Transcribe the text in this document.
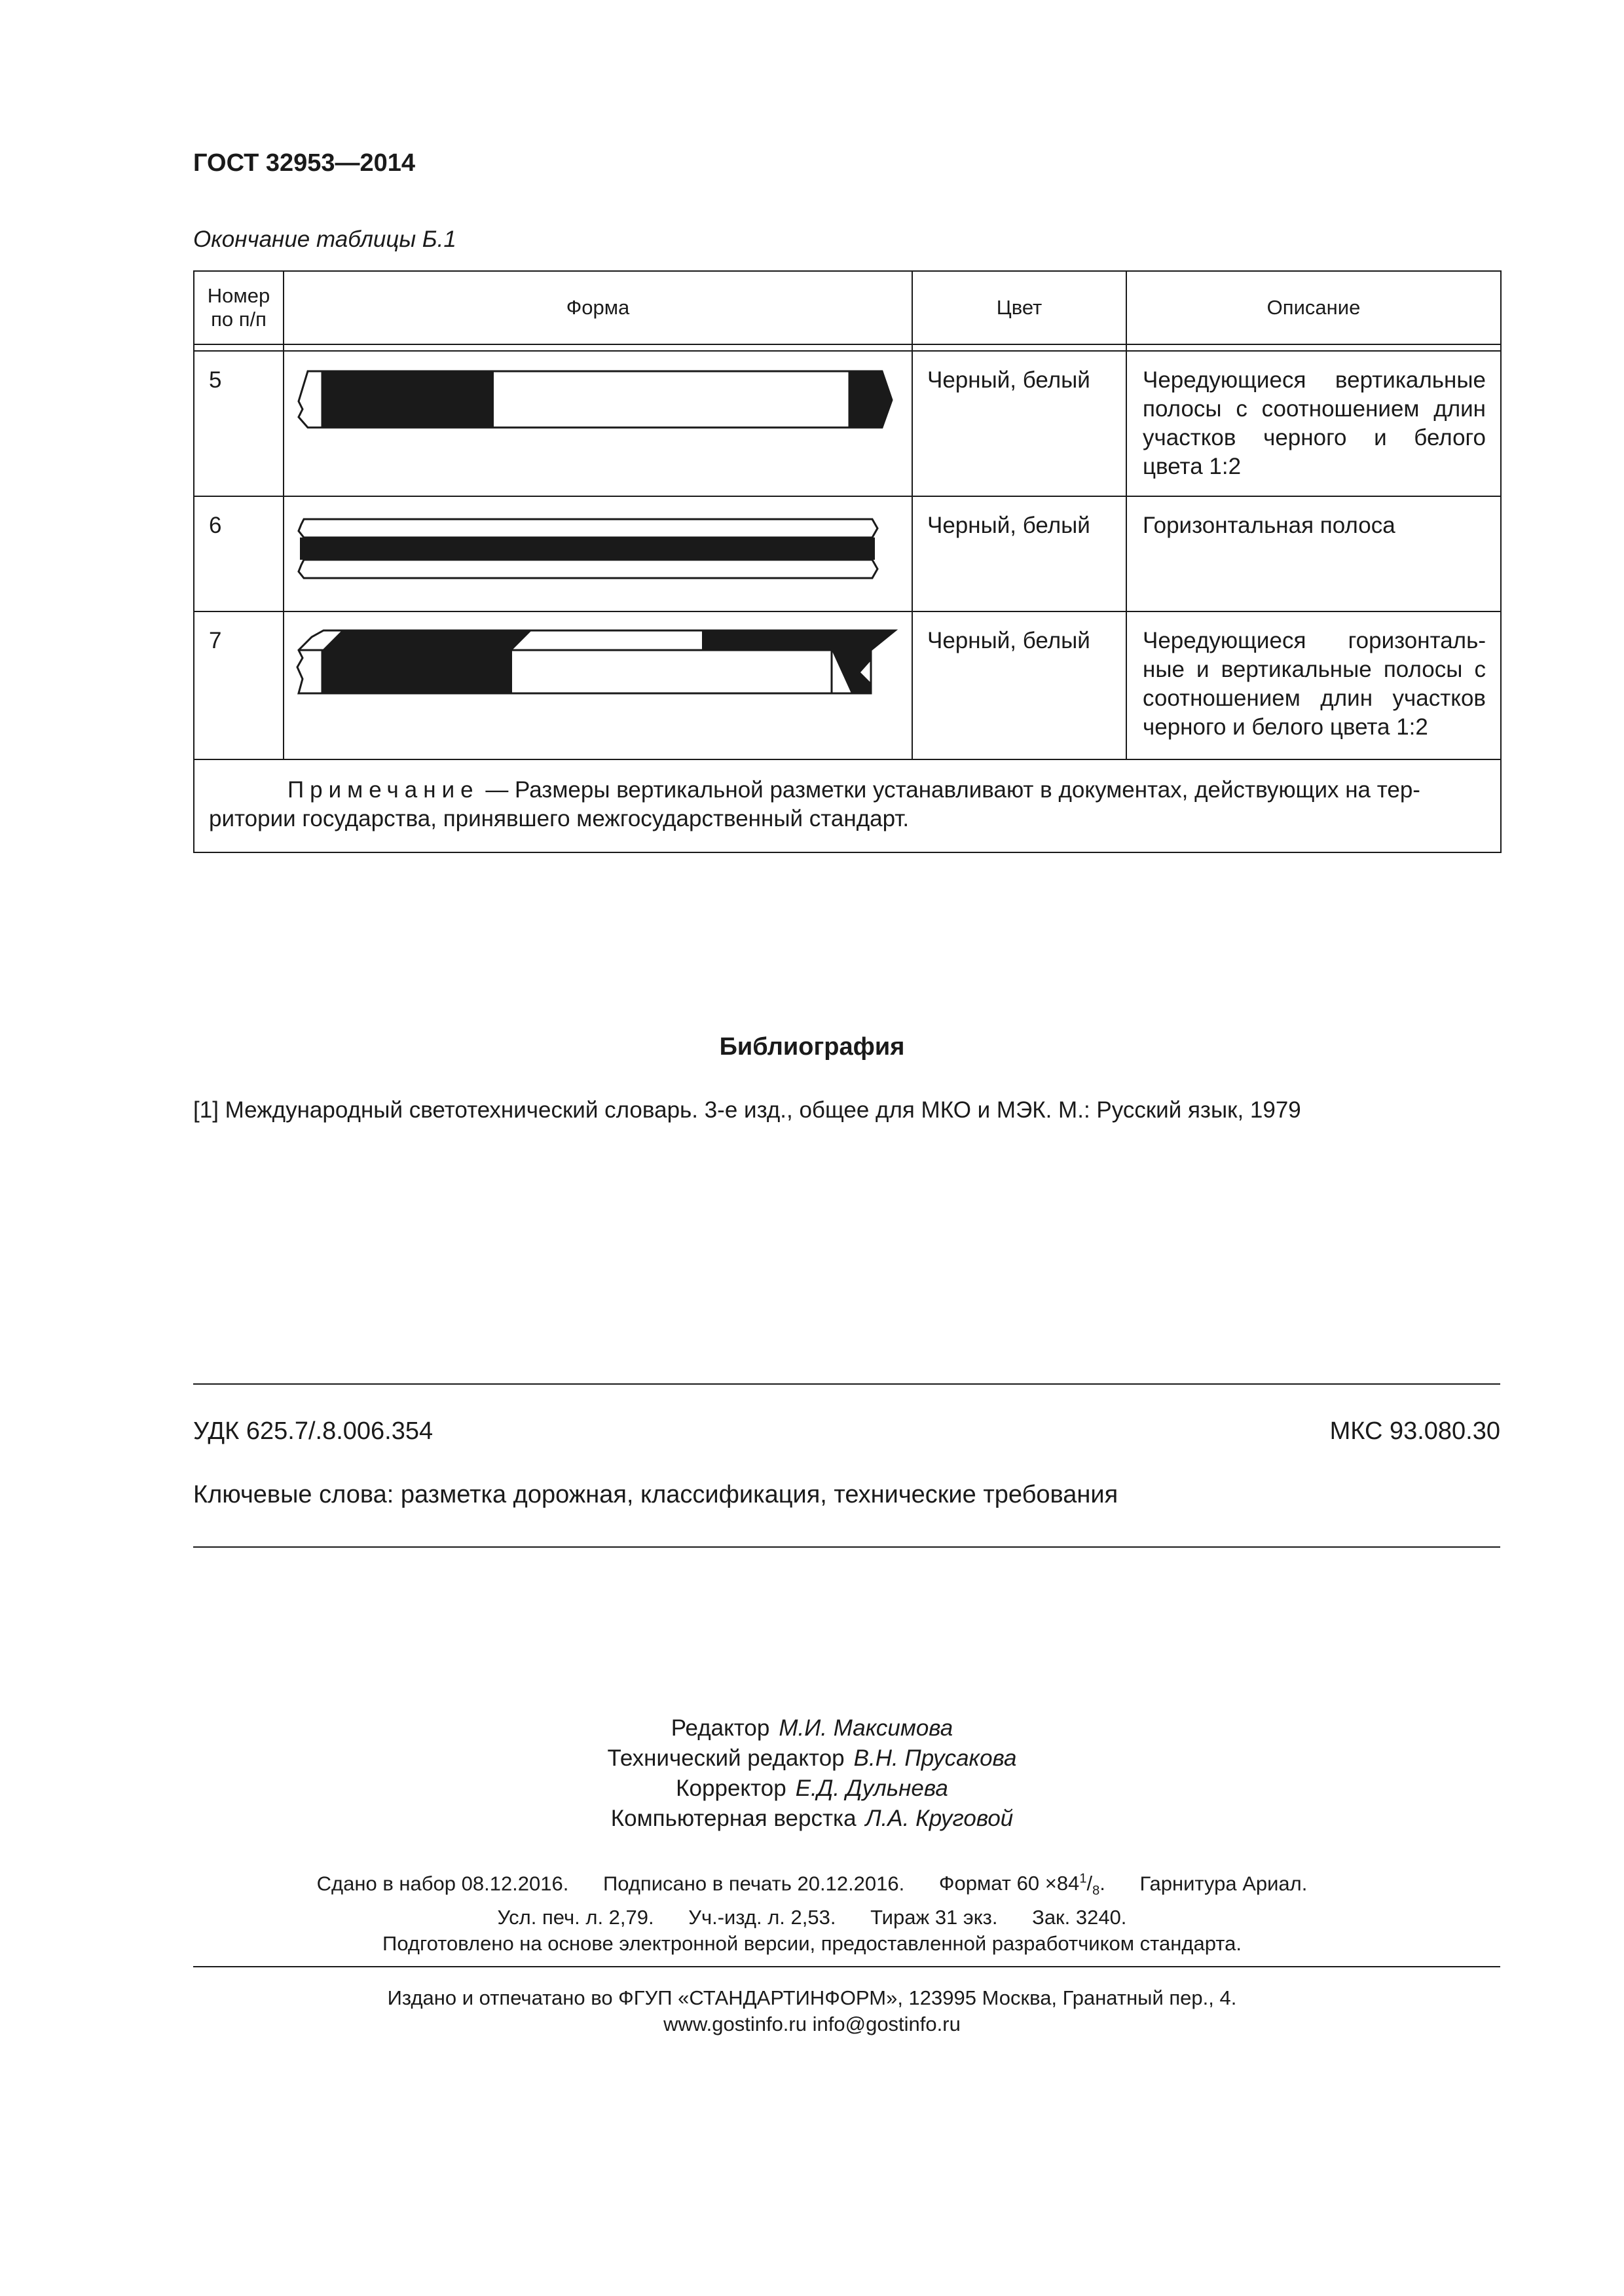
ГОСТ 32953—2014
Окончание таблицы Б.1
Номер по п/п	Форма	Цвет	Описание

5		Черный, белый	Чередующиеся вертикальные полосы с соотношением длин участков черного и белого цвета 1:2
6		Черный, белый	Горизонтальная полоса
7		Черный, белый	Чередующиеся горизонталь-ные и вертикальные полосы с соотношением длин участков черного и белого цвета 1:2
Примечание — Размеры вертикальной разметки устанавливают в документах, действующих на тер-ритории государства, принявшего межгосударственный стандарт.			
Библиография
[1] Международный светотехнический словарь. 3-е изд., общее для МКО и МЭК. М.: Русский язык, 1979
УДК 625.7/.8.006.354	МКС 93.080.30
Ключевые слова: разметка дорожная, классификация, технические требования
Редактор М.И. Максимова
Технический редактор В.Н. Прусакова
Корректор Е.Д. Дульнева
Компьютерная верстка Л.А. Круговой
Сдано в набор 08.12.2016. Подписано в печать 20.12.2016. Формат $60 \times 84^1/_8$. Гарнитура Ариал.
Усл. печ. л. 2,79. Уч.-изд. л. 2,53. Тираж 31 экз. Зак. 3240.
Подготовлено на основе электронной версии, предоставленной разработчиком стандарта.
Издано и отпечатано во ФГУП «СТАНДАРТИНФОРМ», 123995 Москва, Гранатный пер., 4.
www.gostinfo.ru info@gostinfo.ru
